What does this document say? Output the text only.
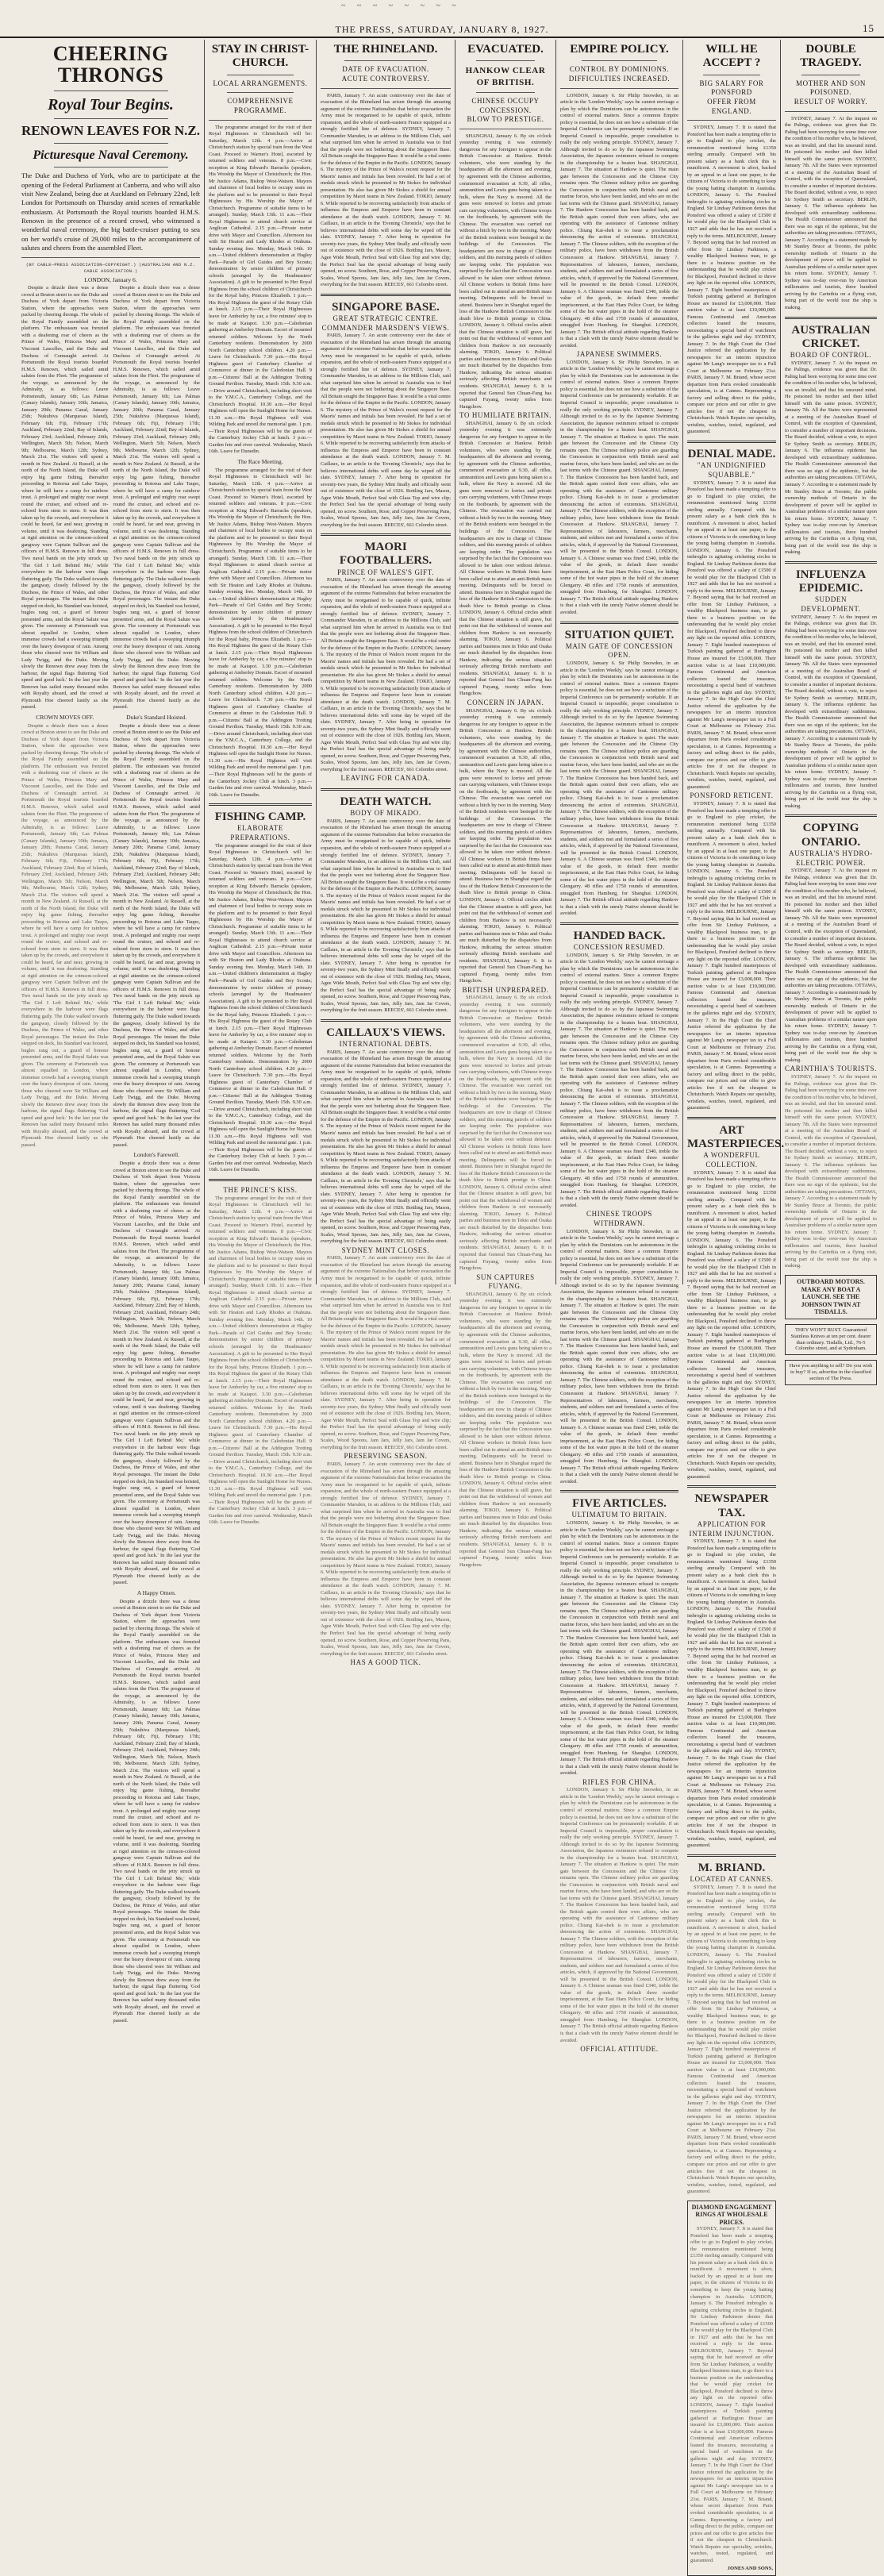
~ ~ ~ ~ ~ ~ ~ ~
THE PRESS, SATURDAY, JANUARY 8, 1927.	15
CHEERING THRONGS
Royal Tour Begins.
RENOWN LEAVES FOR N.Z.
Picturesque Naval Ceremony.
The Duke and Duchess of York, who are to participate at the opening of the Federal Parliament at Canberra, and who will also visit New Zealand, being due at Auckland on February 22nd, left London for Portsmouth on Thursday amid scenes of remarkable enthusiasm. At Portsmouth the Royal tourists boarded H.M.S. Renown in the presence of a record crowd, who witnessed a wonderful naval ceremony, the big battle-cruiser putting to sea on her world's cruise of 29,000 miles to the accompaniment of salutes and cheers from the assembled Fleet.
(BY CABLE—PRESS ASSOCIATION—COPYRIGHT.) (AUSTRALIAN AND N.Z. CABLE ASSOCIATION.)
LONDON, January 6.

Despite a drizzle there was a dense crowd at Bruton street to see the Duke and Duchess of York depart from Victoria Station, where the approaches were packed by cheering throngs. The whole of the Royal Family assembled on the platform. The enthusiasm was frenzied with a deafening roar of cheers as the Prince of Wales, Princess Mary and Viscount Lascelles, and the Duke and Duchess of Connaught arrived. At Portsmouth the Royal tourists boarded H.M.S. Renown, which sailed amid salutes from the Fleet. The programme of the voyage, as announced by the Admiralty, is as follows: Leave Portsmouth, January 6th; Las Palmas (Canary Islands), January 10th; Jamaica, January 20th; Panama Canal, January 25th; Nukuhiva (Marquesas Island), February 6th; Fiji, February 17th; Auckland, February 22nd; Bay of Islands, February 23rd; Auckland, February 24th; Wellington, March 5th; Nelson, March 9th; Melbourne, March 12th; Sydney, March 21st. The visitors will spend a month in New Zealand. At Russell, at the north of the North Island, the Duke will enjoy big game fishing, thereafter proceeding to Rotorua and Lake Taupo, where he will have a camp for rainbow trout. A prolonged and mighty roar swept round the cruiser, and echoed and re-echoed from stem to stern. It was then taken up by the crowds, and everywhere it could be heard, far and near, growing in volume, until it was deafening. Standing at rigid attention on the crimson-colored gangway were Captain Sullivan and the officers of H.M.S. Renown in full dress. Two naval bands on the jetty struck up 'The Girl I Left Behind Me,' while everywhere in the harbour were flags fluttering gaily. The Duke walked towards the gangway, closely followed by the Duchess, the Prince of Wales, and other Royal personages. The instant the Duke stepped on deck, his Standard was hoisted, bugles rang out, a guard of honour presented arms, and the Royal Salute was given. The ceremony at Portsmouth was almost equalled in London, where immense crowds had a sweeping triumph over the heavy downpour of rain. Among those who cheered were Sir William and Lady Twigg, and the Duke. Moving slowly the Renown drew away from the harbour, the signal flags fluttering 'God speed and good luck.' In the last year the Renown has sailed many thousand miles with Royalty aboard, and the crowd at Plymouth Hoe cheered lustily as she passed.

CROWN MOVES OFF.

Despite a drizzle there was a dense crowd at Bruton street to see the Duke and Duchess of York depart from Victoria Station, where the approaches were packed by cheering throngs. The whole of the Royal Family assembled on the platform. The enthusiasm was frenzied with a deafening roar of cheers as the Prince of Wales, Princess Mary and Viscount Lascelles, and the Duke and Duchess of Connaught arrived. At Portsmouth the Royal tourists boarded H.M.S. Renown, which sailed amid salutes from the Fleet. The programme of the voyage, as announced by the Admiralty, is as follows: Leave Portsmouth, January 6th; Las Palmas (Canary Islands), January 10th; Jamaica, January 20th; Panama Canal, January 25th; Nukuhiva (Marquesas Island), February 6th; Fiji, February 17th; Auckland, February 22nd; Bay of Islands, February 23rd; Auckland, February 24th; Wellington, March 5th; Nelson, March 9th; Melbourne, March 12th; Sydney, March 21st. The visitors will spend a month in New Zealand. At Russell, at the north of the North Island, the Duke will enjoy big game fishing, thereafter proceeding to Rotorua and Lake Taupo, where he will have a camp for rainbow trout. A prolonged and mighty roar swept round the cruiser, and echoed and re-echoed from stem to stern. It was then taken up by the crowds, and everywhere it could be heard, far and near, growing in volume, until it was deafening. Standing at rigid attention on the crimson-colored gangway were Captain Sullivan and the officers of H.M.S. Renown in full dress. Two naval bands on the jetty struck up 'The Girl I Left Behind Me,' while everywhere in the harbour were flags fluttering gaily. The Duke walked towards the gangway, closely followed by the Duchess, the Prince of Wales, and other Royal personages. The instant the Duke stepped on deck, his Standard was hoisted, bugles rang out, a guard of honour presented arms, and the Royal Salute was given. The ceremony at Portsmouth was almost equalled in London, where immense crowds had a sweeping triumph over the heavy downpour of rain. Among those who cheered were Sir William and Lady Twigg, and the Duke. Moving slowly the Renown drew away from the harbour, the signal flags fluttering 'God speed and good luck.' In the last year the Renown has sailed many thousand miles with Royalty aboard, and the crowd at Plymouth Hoe cheered lustily as she passed.

Despite a drizzle there was a dense crowd at Bruton street to see the Duke and Duchess of York depart from Victoria Station, where the approaches were packed by cheering throngs. The whole of the Royal Family assembled on the platform. The enthusiasm was frenzied with a deafening roar of cheers as the Prince of Wales, Princess Mary and Viscount Lascelles, and the Duke and Duchess of Connaught arrived. At Portsmouth the Royal tourists boarded H.M.S. Renown, which sailed amid salutes from the Fleet. The programme of the voyage, as announced by the Admiralty, is as follows: Leave Portsmouth, January 6th; Las Palmas (Canary Islands), January 10th; Jamaica, January 20th; Panama Canal, January 25th; Nukuhiva (Marquesas Island), February 6th; Fiji, February 17th; Auckland, February 22nd; Bay of Islands, February 23rd; Auckland, February 24th; Wellington, March 5th; Nelson, March 9th; Melbourne, March 12th; Sydney, March 21st. The visitors will spend a month in New Zealand. At Russell, at the north of the North Island, the Duke will enjoy big game fishing, thereafter proceeding to Rotorua and Lake Taupo, where he will have a camp for rainbow trout. A prolonged and mighty roar swept round the cruiser, and echoed and re-echoed from stem to stern. It was then taken up by the crowds, and everywhere it could be heard, far and near, growing in volume, until it was deafening. Standing at rigid attention on the crimson-colored gangway were Captain Sullivan and the officers of H.M.S. Renown in full dress. Two naval bands on the jetty struck up 'The Girl I Left Behind Me,' while everywhere in the harbour were flags fluttering gaily. The Duke walked towards the gangway, closely followed by the Duchess, the Prince of Wales, and other Royal personages. The instant the Duke stepped on deck, his Standard was hoisted, bugles rang out, a guard of honour presented arms, and the Royal Salute was given. The ceremony at Portsmouth was almost equalled in London, where immense crowds had a sweeping triumph over the heavy downpour of rain. Among those who cheered were Sir William and Lady Twigg, and the Duke. Moving slowly the Renown drew away from the harbour, the signal flags fluttering 'God speed and good luck.' In the last year the Renown has sailed many thousand miles with Royalty aboard, and the crowd at Plymouth Hoe cheered lustily as she passed.

Duke's Standard Hoisted.

Despite a drizzle there was a dense crowd at Bruton street to see the Duke and Duchess of York depart from Victoria Station, where the approaches were packed by cheering throngs. The whole of the Royal Family assembled on the platform. The enthusiasm was frenzied with a deafening roar of cheers as the Prince of Wales, Princess Mary and Viscount Lascelles, and the Duke and Duchess of Connaught arrived. At Portsmouth the Royal tourists boarded H.M.S. Renown, which sailed amid salutes from the Fleet. The programme of the voyage, as announced by the Admiralty, is as follows: Leave Portsmouth, January 6th; Las Palmas (Canary Islands), January 10th; Jamaica, January 20th; Panama Canal, January 25th; Nukuhiva (Marquesas Island), February 6th; Fiji, February 17th; Auckland, February 22nd; Bay of Islands, February 23rd; Auckland, February 24th; Wellington, March 5th; Nelson, March 9th; Melbourne, March 12th; Sydney, March 21st. The visitors will spend a month in New Zealand. At Russell, at the north of the North Island, the Duke will enjoy big game fishing, thereafter proceeding to Rotorua and Lake Taupo, where he will have a camp for rainbow trout. A prolonged and mighty roar swept round the cruiser, and echoed and re-echoed from stem to stern. It was then taken up by the crowds, and everywhere it could be heard, far and near, growing in volume, until it was deafening. Standing at rigid attention on the crimson-colored gangway were Captain Sullivan and the officers of H.M.S. Renown in full dress. Two naval bands on the jetty struck up 'The Girl I Left Behind Me,' while everywhere in the harbour were flags fluttering gaily. The Duke walked towards the gangway, closely followed by the Duchess, the Prince of Wales, and other Royal personages. The instant the Duke stepped on deck, his Standard was hoisted, bugles rang out, a guard of honour presented arms, and the Royal Salute was given. The ceremony at Portsmouth was almost equalled in London, where immense crowds had a sweeping triumph over the heavy downpour of rain. Among those who cheered were Sir William and Lady Twigg, and the Duke. Moving slowly the Renown drew away from the harbour, the signal flags fluttering 'God speed and good luck.' In the last year the Renown has sailed many thousand miles with Royalty aboard, and the crowd at Plymouth Hoe cheered lustily as she passed.

London's Farewell.

Despite a drizzle there was a dense crowd at Bruton street to see the Duke and Duchess of York depart from Victoria Station, where the approaches were packed by cheering throngs. The whole of the Royal Family assembled on the platform. The enthusiasm was frenzied with a deafening roar of cheers as the Prince of Wales, Princess Mary and Viscount Lascelles, and the Duke and Duchess of Connaught arrived. At Portsmouth the Royal tourists boarded H.M.S. Renown, which sailed amid salutes from the Fleet. The programme of the voyage, as announced by the Admiralty, is as follows: Leave Portsmouth, January 6th; Las Palmas (Canary Islands), January 10th; Jamaica, January 20th; Panama Canal, January 25th; Nukuhiva (Marquesas Island), February 6th; Fiji, February 17th; Auckland, February 22nd; Bay of Islands, February 23rd; Auckland, February 24th; Wellington, March 5th; Nelson, March 9th; Melbourne, March 12th; Sydney, March 21st. The visitors will spend a month in New Zealand. At Russell, at the north of the North Island, the Duke will enjoy big game fishing, thereafter proceeding to Rotorua and Lake Taupo, where he will have a camp for rainbow trout. A prolonged and mighty roar swept round the cruiser, and echoed and re-echoed from stem to stern. It was then taken up by the crowds, and everywhere it could be heard, far and near, growing in volume, until it was deafening. Standing at rigid attention on the crimson-colored gangway were Captain Sullivan and the officers of H.M.S. Renown in full dress. Two naval bands on the jetty struck up 'The Girl I Left Behind Me,' while everywhere in the harbour were flags fluttering gaily. The Duke walked towards the gangway, closely followed by the Duchess, the Prince of Wales, and other Royal personages. The instant the Duke stepped on deck, his Standard was hoisted, bugles rang out, a guard of honour presented arms, and the Royal Salute was given. The ceremony at Portsmouth was almost equalled in London, where immense crowds had a sweeping triumph over the heavy downpour of rain. Among those who cheered were Sir William and Lady Twigg, and the Duke. Moving slowly the Renown drew away from the harbour, the signal flags fluttering 'God speed and good luck.' In the last year the Renown has sailed many thousand miles with Royalty aboard, and the crowd at Plymouth Hoe cheered lustily as she passed.

A Happy Omen.

Despite a drizzle there was a dense crowd at Bruton street to see the Duke and Duchess of York depart from Victoria Station, where the approaches were packed by cheering throngs. The whole of the Royal Family assembled on the platform. The enthusiasm was frenzied with a deafening roar of cheers as the Prince of Wales, Princess Mary and Viscount Lascelles, and the Duke and Duchess of Connaught arrived. At Portsmouth the Royal tourists boarded H.M.S. Renown, which sailed amid salutes from the Fleet. The programme of the voyage, as announced by the Admiralty, is as follows: Leave Portsmouth, January 6th; Las Palmas (Canary Islands), January 10th; Jamaica, January 20th; Panama Canal, January 25th; Nukuhiva (Marquesas Island), February 6th; Fiji, February 17th; Auckland, February 22nd; Bay of Islands, February 23rd; Auckland, February 24th; Wellington, March 5th; Nelson, March 9th; Melbourne, March 12th; Sydney, March 21st. The visitors will spend a month in New Zealand. At Russell, at the north of the North Island, the Duke will enjoy big game fishing, thereafter proceeding to Rotorua and Lake Taupo, where he will have a camp for rainbow trout. A prolonged and mighty roar swept round the cruiser, and echoed and re-echoed from stem to stern. It was then taken up by the crowds, and everywhere it could be heard, far and near, growing in volume, until it was deafening. Standing at rigid attention on the crimson-colored gangway were Captain Sullivan and the officers of H.M.S. Renown in full dress. Two naval bands on the jetty struck up 'The Girl I Left Behind Me,' while everywhere in the harbour were flags fluttering gaily. The Duke walked towards the gangway, closely followed by the Duchess, the Prince of Wales, and other Royal personages. The instant the Duke stepped on deck, his Standard was hoisted, bugles rang out, a guard of honour presented arms, and the Royal Salute was given. The ceremony at Portsmouth was almost equalled in London, where immense crowds had a sweeping triumph over the heavy downpour of rain. Among those who cheered were Sir William and Lady Twigg, and the Duke. Moving slowly the Renown drew away from the harbour, the signal flags fluttering 'God speed and good luck.' In the last year the Renown has sailed many thousand miles with Royalty aboard, and the crowd at Plymouth Hoe cheered lustily as she passed.

STAY IN CHRIST-CHURCH.
LOCAL ARRANGEMENTS.
COMPREHENSIVE PROGRAMME.

The programme arranged for the visit of their Royal Highnesses to Christchurch will be: Saturday, March 12th. 4 p.m.—Arrive at Christchurch station by special train from the West Coast. Proceed to Warner's Hotel, escorted by returned soldiers and veterans. 8 p.m.—Civic reception at King Edward's Barracks (speakers, His Worship the Mayor of Christchurch; the Hon. Mr Justice Adams, Bishop West-Watson. Mayors and chairmen of local bodies to occupy seats on the platform and to be presented to their Royal Highnesses by His Worship the Mayor of Christchurch. Programme of suitable items to be arranged). Sunday, March 13th. 11 a.m.—Their Royal Highnesses to attend church service at Anglican Cathedral. 2.15 p.m.—Private motor drive with Mayor and Councillors. Afternoon tea with Sir Heaton and Lady Rhodes at Otahuna. Sunday evening free. Monday, March 14th. 10 a.m.—United children's demonstration at Hagley Park—Parade of Girl Guides and Boy Scouts; demonstration by senior children of primary schools (arranged by the Headmasters' Association). A gift to be presented to Her Royal Highness from the school children of Christchurch for the Royal baby, Princess Elizabeth. 1 p.m.—His Royal Highness the guest of the Rotary Club at lunch. 2.15 p.m.—Their Royal Highnesses leave for Amberley by car, a five minutes' stop to be made at Kaiapoi. 3.30 p.m.—Caledonian gathering at Amberley Domain. Escort of mounted returned soldiers. Welcome by the North Canterbury residents. Demonstration by 2000 North Canterbury school children. 4.20 p.m.—Leave for Christchurch. 7.30 p.m.—His Royal Highness guest of Canterbury Chamber of Commerce at dinner in the Caledonian Hall. 9 p.m.—Citizens' Ball at the Addington Trotting Ground Pavilion. Tuesday, March 15th. 9.30 a.m.—Drive around Christchurch, including short visit to the Y.M.C.A., Canterbury College, and the Christchurch Hospital. 10.30 a.m.—Her Royal Highness will open the Sunlight Home for Nurses. 11.30 a.m.—His Royal Highness will visit Wilding Park and unveil the memorial gate. 1 p.m.—Their Royal Highnesses will be the guests of the Canterbury Jockey Club at lunch. 3 p.m.—Garden fete and river carnival. Wednesday, March 16th. Leave for Dunedin.

The Race Meeting.

The programme arranged for the visit of their Royal Highnesses to Christchurch will be: Saturday, March 12th. 4 p.m.—Arrive at Christchurch station by special train from the West Coast. Proceed to Warner's Hotel, escorted by returned soldiers and veterans. 8 p.m.—Civic reception at King Edward's Barracks (speakers, His Worship the Mayor of Christchurch; the Hon. Mr Justice Adams, Bishop West-Watson. Mayors and chairmen of local bodies to occupy seats on the platform and to be presented to their Royal Highnesses by His Worship the Mayor of Christchurch. Programme of suitable items to be arranged). Sunday, March 13th. 11 a.m.—Their Royal Highnesses to attend church service at Anglican Cathedral. 2.15 p.m.—Private motor drive with Mayor and Councillors. Afternoon tea with Sir Heaton and Lady Rhodes at Otahuna. Sunday evening free. Monday, March 14th. 10 a.m.—United children's demonstration at Hagley Park—Parade of Girl Guides and Boy Scouts; demonstration by senior children of primary schools (arranged by the Headmasters' Association). A gift to be presented to Her Royal Highness from the school children of Christchurch for the Royal baby, Princess Elizabeth. 1 p.m.—His Royal Highness the guest of the Rotary Club at lunch. 2.15 p.m.—Their Royal Highnesses leave for Amberley by car, a five minutes' stop to be made at Kaiapoi. 3.30 p.m.—Caledonian gathering at Amberley Domain. Escort of mounted returned soldiers. Welcome by the North Canterbury residents. Demonstration by 2000 North Canterbury school children. 4.20 p.m.—Leave for Christchurch. 7.30 p.m.—His Royal Highness guest of Canterbury Chamber of Commerce at dinner in the Caledonian Hall. 9 p.m.—Citizens' Ball at the Addington Trotting Ground Pavilion. Tuesday, March 15th. 9.30 a.m.—Drive around Christchurch, including short visit to the Y.M.C.A., Canterbury College, and the Christchurch Hospital. 10.30 a.m.—Her Royal Highness will open the Sunlight Home for Nurses. 11.30 a.m.—His Royal Highness will visit Wilding Park and unveil the memorial gate. 1 p.m.—Their Royal Highnesses will be the guests of the Canterbury Jockey Club at lunch. 3 p.m.—Garden fete and river carnival. Wednesday, March 16th. Leave for Dunedin.

FISHING CAMP.
ELABORATE PREPARATIONS.

The programme arranged for the visit of their Royal Highnesses to Christchurch will be: Saturday, March 12th. 4 p.m.—Arrive at Christchurch station by special train from the West Coast. Proceed to Warner's Hotel, escorted by returned soldiers and veterans. 8 p.m.—Civic reception at King Edward's Barracks (speakers, His Worship the Mayor of Christchurch; the Hon. Mr Justice Adams, Bishop West-Watson. Mayors and chairmen of local bodies to occupy seats on the platform and to be presented to their Royal Highnesses by His Worship the Mayor of Christchurch. Programme of suitable items to be arranged). Sunday, March 13th. 11 a.m.—Their Royal Highnesses to attend church service at Anglican Cathedral. 2.15 p.m.—Private motor drive with Mayor and Councillors. Afternoon tea with Sir Heaton and Lady Rhodes at Otahuna. Sunday evening free. Monday, March 14th. 10 a.m.—United children's demonstration at Hagley Park—Parade of Girl Guides and Boy Scouts; demonstration by senior children of primary schools (arranged by the Headmasters' Association). A gift to be presented to Her Royal Highness from the school children of Christchurch for the Royal baby, Princess Elizabeth. 1 p.m.—His Royal Highness the guest of the Rotary Club at lunch. 2.15 p.m.—Their Royal Highnesses leave for Amberley by car, a five minutes' stop to be made at Kaiapoi. 3.30 p.m.—Caledonian gathering at Amberley Domain. Escort of mounted returned soldiers. Welcome by the North Canterbury residents. Demonstration by 2000 North Canterbury school children. 4.20 p.m.—Leave for Christchurch. 7.30 p.m.—His Royal Highness guest of Canterbury Chamber of Commerce at dinner in the Caledonian Hall. 9 p.m.—Citizens' Ball at the Addington Trotting Ground Pavilion. Tuesday, March 15th. 9.30 a.m.—Drive around Christchurch, including short visit to the Y.M.C.A., Canterbury College, and the Christchurch Hospital. 10.30 a.m.—Her Royal Highness will open the Sunlight Home for Nurses. 11.30 a.m.—His Royal Highness will visit Wilding Park and unveil the memorial gate. 1 p.m.—Their Royal Highnesses will be the guests of the Canterbury Jockey Club at lunch. 3 p.m.—Garden fete and river carnival. Wednesday, March 16th. Leave for Dunedin.

THE PRINCE'S KISS.

The programme arranged for the visit of their Royal Highnesses to Christchurch will be: Saturday, March 12th. 4 p.m.—Arrive at Christchurch station by special train from the West Coast. Proceed to Warner's Hotel, escorted by returned soldiers and veterans. 8 p.m.—Civic reception at King Edward's Barracks (speakers, His Worship the Mayor of Christchurch; the Hon. Mr Justice Adams, Bishop West-Watson. Mayors and chairmen of local bodies to occupy seats on the platform and to be presented to their Royal Highnesses by His Worship the Mayor of Christchurch. Programme of suitable items to be arranged). Sunday, March 13th. 11 a.m.—Their Royal Highnesses to attend church service at Anglican Cathedral. 2.15 p.m.—Private motor drive with Mayor and Councillors. Afternoon tea with Sir Heaton and Lady Rhodes at Otahuna. Sunday evening free. Monday, March 14th. 10 a.m.—United children's demonstration at Hagley Park—Parade of Girl Guides and Boy Scouts; demonstration by senior children of primary schools (arranged by the Headmasters' Association). A gift to be presented to Her Royal Highness from the school children of Christchurch for the Royal baby, Princess Elizabeth. 1 p.m.—His Royal Highness the guest of the Rotary Club at lunch. 2.15 p.m.—Their Royal Highnesses leave for Amberley by car, a five minutes' stop to be made at Kaiapoi. 3.30 p.m.—Caledonian gathering at Amberley Domain. Escort of mounted returned soldiers. Welcome by the North Canterbury residents. Demonstration by 2000 North Canterbury school children. 4.20 p.m.—Leave for Christchurch. 7.30 p.m.—His Royal Highness guest of Canterbury Chamber of Commerce at dinner in the Caledonian Hall. 9 p.m.—Citizens' Ball at the Addington Trotting Ground Pavilion. Tuesday, March 15th. 9.30 a.m.—Drive around Christchurch, including short visit to the Y.M.C.A., Canterbury College, and the Christchurch Hospital. 10.30 a.m.—Her Royal Highness will open the Sunlight Home for Nurses. 11.30 a.m.—His Royal Highness will visit Wilding Park and unveil the memorial gate. 1 p.m.—Their Royal Highnesses will be the guests of the Canterbury Jockey Club at lunch. 3 p.m.—Garden fete and river carnival. Wednesday, March 16th. Leave for Dunedin.

THE RHINELAND.
DATE OF EVACUATION.
ACUTE CONTROVERSY.

PARIS, January 7. An acute controversy over the date of evacuation of the Rhineland has arisen through the amazing argument of the extreme Nationalists that before evacuation the Army must be reorganised to be capable of quick, infinite expansion, and the whole of north-eastern France equipped at a strongly fortified line of defence. SYDNEY, January 7. Commander Marsden, in an address to the Millions Club, said what surprised him when he arrived in Australia was to find that the people were not bothering about the Singapore Base. All Britain sought the Singapore Base. It would be a vital centre for the defence of the Empire in the Pacific. LONDON, January 6. The mystery of the Prince of Wales's recent request for the Maoris' names and initials has been revealed. He had a set of medals struck which he presented to Mr Stokes for individual presentation. He also has given Mr Stokes a shield for annual competition by Maori teams in New Zealand. TOKIO, January 6. While reported to be recovering satisfactorily from attacks of influenza the Empress and Emperor have been in constant attendance at the death watch. LONDON, January 7. M. Caillaux, in an article in the 'Evening Chronicle,' says that he believes international debts will some day be wiped off the slate. SYDNEY, January 7. After being in operation for seventy-two years, the Sydney Mint finally and officially went out of existence with the close of 1926. Bottling Jars, Mason, Agee Wide Mouth, Perfect Seal with Glass Top and wire clip; the Perfect Seal has the special advantage of being easily opened, no screw. Southern, Rose, and Copper Preserving Pans, Scales, Wood Spoons, Jam Jars, Jelly Jars, Jam Jar Covers, everything for the fruit season. REECES', 661 Colombo street.

SINGAPORE BASE.
GREAT STRATEGIC CENTRE.
COMMANDER MARSDEN'S VIEWS.

PARIS, January 7. An acute controversy over the date of evacuation of the Rhineland has arisen through the amazing argument of the extreme Nationalists that before evacuation the Army must be reorganised to be capable of quick, infinite expansion, and the whole of north-eastern France equipped at a strongly fortified line of defence. SYDNEY, January 7. Commander Marsden, in an address to the Millions Club, said what surprised him when he arrived in Australia was to find that the people were not bothering about the Singapore Base. All Britain sought the Singapore Base. It would be a vital centre for the defence of the Empire in the Pacific. LONDON, January 6. The mystery of the Prince of Wales's recent request for the Maoris' names and initials has been revealed. He had a set of medals struck which he presented to Mr Stokes for individual presentation. He also has given Mr Stokes a shield for annual competition by Maori teams in New Zealand. TOKIO, January 6. While reported to be recovering satisfactorily from attacks of influenza the Empress and Emperor have been in constant attendance at the death watch. LONDON, January 7. M. Caillaux, in an article in the 'Evening Chronicle,' says that he believes international debts will some day be wiped off the slate. SYDNEY, January 7. After being in operation for seventy-two years, the Sydney Mint finally and officially went out of existence with the close of 1926. Bottling Jars, Mason, Agee Wide Mouth, Perfect Seal with Glass Top and wire clip; the Perfect Seal has the special advantage of being easily opened, no screw. Southern, Rose, and Copper Preserving Pans, Scales, Wood Spoons, Jam Jars, Jelly Jars, Jam Jar Covers, everything for the fruit season. REECES', 661 Colombo street.

MAORI FOOTBALLERS.
PRINCE OF WALES'S GIFT.

PARIS, January 7. An acute controversy over the date of evacuation of the Rhineland has arisen through the amazing argument of the extreme Nationalists that before evacuation the Army must be reorganised to be capable of quick, infinite expansion, and the whole of north-eastern France equipped at a strongly fortified line of defence. SYDNEY, January 7. Commander Marsden, in an address to the Millions Club, said what surprised him when he arrived in Australia was to find that the people were not bothering about the Singapore Base. All Britain sought the Singapore Base. It would be a vital centre for the defence of the Empire in the Pacific. LONDON, January 6. The mystery of the Prince of Wales's recent request for the Maoris' names and initials has been revealed. He had a set of medals struck which he presented to Mr Stokes for individual presentation. He also has given Mr Stokes a shield for annual competition by Maori teams in New Zealand. TOKIO, January 6. While reported to be recovering satisfactorily from attacks of influenza the Empress and Emperor have been in constant attendance at the death watch. LONDON, January 7. M. Caillaux, in an article in the 'Evening Chronicle,' says that he believes international debts will some day be wiped off the slate. SYDNEY, January 7. After being in operation for seventy-two years, the Sydney Mint finally and officially went out of existence with the close of 1926. Bottling Jars, Mason, Agee Wide Mouth, Perfect Seal with Glass Top and wire clip; the Perfect Seal has the special advantage of being easily opened, no screw. Southern, Rose, and Copper Preserving Pans, Scales, Wood Spoons, Jam Jars, Jelly Jars, Jam Jar Covers, everything for the fruit season. REECES', 661 Colombo street.

LEAVING FOR CANADA.
DEATH WATCH.
BODY OF MIKADO.

PARIS, January 7. An acute controversy over the date of evacuation of the Rhineland has arisen through the amazing argument of the extreme Nationalists that before evacuation the Army must be reorganised to be capable of quick, infinite expansion, and the whole of north-eastern France equipped at a strongly fortified line of defence. SYDNEY, January 7. Commander Marsden, in an address to the Millions Club, said what surprised him when he arrived in Australia was to find that the people were not bothering about the Singapore Base. All Britain sought the Singapore Base. It would be a vital centre for the defence of the Empire in the Pacific. LONDON, January 6. The mystery of the Prince of Wales's recent request for the Maoris' names and initials has been revealed. He had a set of medals struck which he presented to Mr Stokes for individual presentation. He also has given Mr Stokes a shield for annual competition by Maori teams in New Zealand. TOKIO, January 6. While reported to be recovering satisfactorily from attacks of influenza the Empress and Emperor have been in constant attendance at the death watch. LONDON, January 7. M. Caillaux, in an article in the 'Evening Chronicle,' says that he believes international debts will some day be wiped off the slate. SYDNEY, January 7. After being in operation for seventy-two years, the Sydney Mint finally and officially went out of existence with the close of 1926. Bottling Jars, Mason, Agee Wide Mouth, Perfect Seal with Glass Top and wire clip; the Perfect Seal has the special advantage of being easily opened, no screw. Southern, Rose, and Copper Preserving Pans, Scales, Wood Spoons, Jam Jars, Jelly Jars, Jam Jar Covers, everything for the fruit season. REECES', 661 Colombo street.

CAILLAUX'S VIEWS.
INTERNATIONAL DEBTS.

PARIS, January 7. An acute controversy over the date of evacuation of the Rhineland has arisen through the amazing argument of the extreme Nationalists that before evacuation the Army must be reorganised to be capable of quick, infinite expansion, and the whole of north-eastern France equipped at a strongly fortified line of defence. SYDNEY, January 7. Commander Marsden, in an address to the Millions Club, said what surprised him when he arrived in Australia was to find that the people were not bothering about the Singapore Base. All Britain sought the Singapore Base. It would be a vital centre for the defence of the Empire in the Pacific. LONDON, January 6. The mystery of the Prince of Wales's recent request for the Maoris' names and initials has been revealed. He had a set of medals struck which he presented to Mr Stokes for individual presentation. He also has given Mr Stokes a shield for annual competition by Maori teams in New Zealand. TOKIO, January 6. While reported to be recovering satisfactorily from attacks of influenza the Empress and Emperor have been in constant attendance at the death watch. LONDON, January 7. M. Caillaux, in an article in the 'Evening Chronicle,' says that he believes international debts will some day be wiped off the slate. SYDNEY, January 7. After being in operation for seventy-two years, the Sydney Mint finally and officially went out of existence with the close of 1926. Bottling Jars, Mason, Agee Wide Mouth, Perfect Seal with Glass Top and wire clip; the Perfect Seal has the special advantage of being easily opened, no screw. Southern, Rose, and Copper Preserving Pans, Scales, Wood Spoons, Jam Jars, Jelly Jars, Jam Jar Covers, everything for the fruit season. REECES', 661 Colombo street.

SYDNEY MINT CLOSES.

PARIS, January 7. An acute controversy over the date of evacuation of the Rhineland has arisen through the amazing argument of the extreme Nationalists that before evacuation the Army must be reorganised to be capable of quick, infinite expansion, and the whole of north-eastern France equipped at a strongly fortified line of defence. SYDNEY, January 7. Commander Marsden, in an address to the Millions Club, said what surprised him when he arrived in Australia was to find that the people were not bothering about the Singapore Base. All Britain sought the Singapore Base. It would be a vital centre for the defence of the Empire in the Pacific. LONDON, January 6. The mystery of the Prince of Wales's recent request for the Maoris' names and initials has been revealed. He had a set of medals struck which he presented to Mr Stokes for individual presentation. He also has given Mr Stokes a shield for annual competition by Maori teams in New Zealand. TOKIO, January 6. While reported to be recovering satisfactorily from attacks of influenza the Empress and Emperor have been in constant attendance at the death watch. LONDON, January 7. M. Caillaux, in an article in the 'Evening Chronicle,' says that he believes international debts will some day be wiped off the slate. SYDNEY, January 7. After being in operation for seventy-two years, the Sydney Mint finally and officially went out of existence with the close of 1926. Bottling Jars, Mason, Agee Wide Mouth, Perfect Seal with Glass Top and wire clip; the Perfect Seal has the special advantage of being easily opened, no screw. Southern, Rose, and Copper Preserving Pans, Scales, Wood Spoons, Jam Jars, Jelly Jars, Jam Jar Covers, everything for the fruit season. REECES', 661 Colombo street.

PRESERVING SEASON.

PARIS, January 7. An acute controversy over the date of evacuation of the Rhineland has arisen through the amazing argument of the extreme Nationalists that before evacuation the Army must be reorganised to be capable of quick, infinite expansion, and the whole of north-eastern France equipped at a strongly fortified line of defence. SYDNEY, January 7. Commander Marsden, in an address to the Millions Club, said what surprised him when he arrived in Australia was to find that the people were not bothering about the Singapore Base. All Britain sought the Singapore Base. It would be a vital centre for the defence of the Empire in the Pacific. LONDON, January 6. The mystery of the Prince of Wales's recent request for the Maoris' names and initials has been revealed. He had a set of medals struck which he presented to Mr Stokes for individual presentation. He also has given Mr Stokes a shield for annual competition by Maori teams in New Zealand. TOKIO, January 6. While reported to be recovering satisfactorily from attacks of influenza the Empress and Emperor have been in constant attendance at the death watch. LONDON, January 7. M. Caillaux, in an article in the 'Evening Chronicle,' says that he believes international debts will some day be wiped off the slate. SYDNEY, January 7. After being in operation for seventy-two years, the Sydney Mint finally and officially went out of existence with the close of 1926. Bottling Jars, Mason, Agee Wide Mouth, Perfect Seal with Glass Top and wire clip; the Perfect Seal has the special advantage of being easily opened, no screw. Southern, Rose, and Copper Preserving Pans, Scales, Wood Spoons, Jam Jars, Jelly Jars, Jam Jar Covers, everything for the fruit season. REECES', 661 Colombo street.

HAS A GOOD TICK.
EVACUATED.
HANKOW CLEAR OF BRITISH.
CHINESE OCCUPY CONCESSION.
BLOW TO PRESTIGE.

SHANGHAI, January 6. By six o'clock yesterday evening it was extremely dangerous for any foreigner to appear in the British Concession at Hankow. British volunteers, who were standing by the headquarters all the afternoon and evening, by agreement with the Chinese authorities, commenced evacuation at 9.30, all rifles, ammunition and Lewis guns being taken to a hulk, where the Navy is moored. All the guns were removed to lorries and private cars carrying volunteers, with Chinese troops on the footboards, by agreement with the Chinese. The evacuation was carried out without a hitch by two in the morning. Many of the British residents were besieged in the buildings of the Concession. The headquarters are now in charge of Chinese soldiers, and this morning patrols of soldiers are keeping order. The population was surprised by the fact that the Concession was allowed to be taken over without defence. All Chinese workers in British firms have been called out to attend an anti-British mass meeting. Delinquents will be forced to attend. Business here in Shanghai regard the loss of the Hankow British Concession to the death blow to British prestige in China. LONDON, January 6. Official circles admit that the Chinese situation is still grave, but point out that the withdrawal of women and children from Hankow is not necessarily alarming. TOKIO, January 6. Political parties and business men in Tokio and Osaka are much disturbed by the dispatches from Hankow, indicating the serious situation seriously affecting British merchants and residents. SHANGHAI, January 6. It is reported that General Sun Chuan-Fang has captured Fuyang, twenty miles from Hangchow.

TO HUMILIATE BRITAIN.

SHANGHAI, January 6. By six o'clock yesterday evening it was extremely dangerous for any foreigner to appear in the British Concession at Hankow. British volunteers, who were standing by the headquarters all the afternoon and evening, by agreement with the Chinese authorities, commenced evacuation at 9.30, all rifles, ammunition and Lewis guns being taken to a hulk, where the Navy is moored. All the guns were removed to lorries and private cars carrying volunteers, with Chinese troops on the footboards, by agreement with the Chinese. The evacuation was carried out without a hitch by two in the morning. Many of the British residents were besieged in the buildings of the Concession. The headquarters are now in charge of Chinese soldiers, and this morning patrols of soldiers are keeping order. The population was surprised by the fact that the Concession was allowed to be taken over without defence. All Chinese workers in British firms have been called out to attend an anti-British mass meeting. Delinquents will be forced to attend. Business here in Shanghai regard the loss of the Hankow British Concession to the death blow to British prestige in China. LONDON, January 6. Official circles admit that the Chinese situation is still grave, but point out that the withdrawal of women and children from Hankow is not necessarily alarming. TOKIO, January 6. Political parties and business men in Tokio and Osaka are much disturbed by the dispatches from Hankow, indicating the serious situation seriously affecting British merchants and residents. SHANGHAI, January 6. It is reported that General Sun Chuan-Fang has captured Fuyang, twenty miles from Hangchow.

CONCERN IN JAPAN.

SHANGHAI, January 6. By six o'clock yesterday evening it was extremely dangerous for any foreigner to appear in the British Concession at Hankow. British volunteers, who were standing by the headquarters all the afternoon and evening, by agreement with the Chinese authorities, commenced evacuation at 9.30, all rifles, ammunition and Lewis guns being taken to a hulk, where the Navy is moored. All the guns were removed to lorries and private cars carrying volunteers, with Chinese troops on the footboards, by agreement with the Chinese. The evacuation was carried out without a hitch by two in the morning. Many of the British residents were besieged in the buildings of the Concession. The headquarters are now in charge of Chinese soldiers, and this morning patrols of soldiers are keeping order. The population was surprised by the fact that the Concession was allowed to be taken over without defence. All Chinese workers in British firms have been called out to attend an anti-British mass meeting. Delinquents will be forced to attend. Business here in Shanghai regard the loss of the Hankow British Concession to the death blow to British prestige in China. LONDON, January 6. Official circles admit that the Chinese situation is still grave, but point out that the withdrawal of women and children from Hankow is not necessarily alarming. TOKIO, January 6. Political parties and business men in Tokio and Osaka are much disturbed by the dispatches from Hankow, indicating the serious situation seriously affecting British merchants and residents. SHANGHAI, January 6. It is reported that General Sun Chuan-Fang has captured Fuyang, twenty miles from Hangchow.

BRITISH UNPREPARED.

SHANGHAI, January 6. By six o'clock yesterday evening it was extremely dangerous for any foreigner to appear in the British Concession at Hankow. British volunteers, who were standing by the headquarters all the afternoon and evening, by agreement with the Chinese authorities, commenced evacuation at 9.30, all rifles, ammunition and Lewis guns being taken to a hulk, where the Navy is moored. All the guns were removed to lorries and private cars carrying volunteers, with Chinese troops on the footboards, by agreement with the Chinese. The evacuation was carried out without a hitch by two in the morning. Many of the British residents were besieged in the buildings of the Concession. The headquarters are now in charge of Chinese soldiers, and this morning patrols of soldiers are keeping order. The population was surprised by the fact that the Concession was allowed to be taken over without defence. All Chinese workers in British firms have been called out to attend an anti-British mass meeting. Delinquents will be forced to attend. Business here in Shanghai regard the loss of the Hankow British Concession to the death blow to British prestige in China. LONDON, January 6. Official circles admit that the Chinese situation is still grave, but point out that the withdrawal of women and children from Hankow is not necessarily alarming. TOKIO, January 6. Political parties and business men in Tokio and Osaka are much disturbed by the dispatches from Hankow, indicating the serious situation seriously affecting British merchants and residents. SHANGHAI, January 6. It is reported that General Sun Chuan-Fang has captured Fuyang, twenty miles from Hangchow.

SUN CAPTURES FUYANG.

SHANGHAI, January 6. By six o'clock yesterday evening it was extremely dangerous for any foreigner to appear in the British Concession at Hankow. British volunteers, who were standing by the headquarters all the afternoon and evening, by agreement with the Chinese authorities, commenced evacuation at 9.30, all rifles, ammunition and Lewis guns being taken to a hulk, where the Navy is moored. All the guns were removed to lorries and private cars carrying volunteers, with Chinese troops on the footboards, by agreement with the Chinese. The evacuation was carried out without a hitch by two in the morning. Many of the British residents were besieged in the buildings of the Concession. The headquarters are now in charge of Chinese soldiers, and this morning patrols of soldiers are keeping order. The population was surprised by the fact that the Concession was allowed to be taken over without defence. All Chinese workers in British firms have been called out to attend an anti-British mass meeting. Delinquents will be forced to attend. Business here in Shanghai regard the loss of the Hankow British Concession to the death blow to British prestige in China. LONDON, January 6. Official circles admit that the Chinese situation is still grave, but point out that the withdrawal of women and children from Hankow is not necessarily alarming. TOKIO, January 6. Political parties and business men in Tokio and Osaka are much disturbed by the dispatches from Hankow, indicating the serious situation seriously affecting British merchants and residents. SHANGHAI, January 6. It is reported that General Sun Chuan-Fang has captured Fuyang, twenty miles from Hangchow.

EMPIRE POLICY.
CONTROL BY DOMINIONS.
DIFFICULTIES INCREASED.

LONDON, January 6. Sir Philip Snowden, in an article in the 'London Weekly,' says he cannot envisage a plan by which the Dominions can be autonomous in the control of external matters. Since a common Empire policy is essential, he does not see how a substitute of the Imperial Conference can be permanently workable. If an Imperial Council is impossible, proper consultation is really the only working principle. SYDNEY, January 7. Although invited to do so by the Japanese Swimming Association, the Japanese swimmers refused to compete in the championship for a beaten boat. SHANGHAI, January 7. The situation at Hankow is quiet. The main gate between the Concession and the Chinese City remains open. The Chinese military police are guarding the Concession in conjunction with British naval and marine forces, who have been landed, and who are on the last terms with the Chinese guard. SHANGHAI, January 7. The Hankow Concession has been handed back, and the British again control their own affairs, who are operating with the assistance of Cantonese military police. Chiang Kai-shek is to issue a proclamation denouncing the action of extremists. SHANGHAI, January 7. The Chinese soldiers, with the exception of the military police, have been withdrawn from the British Concession at Hankow. SHANGHAI, January 7. Representatives of labourers, farmers, merchants, students, and soldiers met and formulated a series of five articles, which, if approved by the National Government, will be presented to the British Consul. LONDON, January 6. A Chinese seaman was fined £340, treble the value of the goods, in default three months' imprisonment, at the East Ham Police Court, for hiding some of the hot water pipes in the hold of the steamer Glengarry. 48 rifles and 1750 rounds of ammunition, smuggled from Hamburg, for Shanghai. LONDON, January 7. The British official attitude regarding Hankow is that a clash with the unruly Native element should be avoided.

JAPANESE SWIMMERS.

LONDON, January 6. Sir Philip Snowden, in an article in the 'London Weekly,' says he cannot envisage a plan by which the Dominions can be autonomous in the control of external matters. Since a common Empire policy is essential, he does not see how a substitute of the Imperial Conference can be permanently workable. If an Imperial Council is impossible, proper consultation is really the only working principle. SYDNEY, January 7. Although invited to do so by the Japanese Swimming Association, the Japanese swimmers refused to compete in the championship for a beaten boat. SHANGHAI, January 7. The situation at Hankow is quiet. The main gate between the Concession and the Chinese City remains open. The Chinese military police are guarding the Concession in conjunction with British naval and marine forces, who have been landed, and who are on the last terms with the Chinese guard. SHANGHAI, January 7. The Hankow Concession has been handed back, and the British again control their own affairs, who are operating with the assistance of Cantonese military police. Chiang Kai-shek is to issue a proclamation denouncing the action of extremists. SHANGHAI, January 7. The Chinese soldiers, with the exception of the military police, have been withdrawn from the British Concession at Hankow. SHANGHAI, January 7. Representatives of labourers, farmers, merchants, students, and soldiers met and formulated a series of five articles, which, if approved by the National Government, will be presented to the British Consul. LONDON, January 6. A Chinese seaman was fined £340, treble the value of the goods, in default three months' imprisonment, at the East Ham Police Court, for hiding some of the hot water pipes in the hold of the steamer Glengarry. 48 rifles and 1750 rounds of ammunition, smuggled from Hamburg, for Shanghai. LONDON, January 7. The British official attitude regarding Hankow is that a clash with the unruly Native element should be avoided.

SITUATION QUIET.
MAIN GATE OF CONCESSION OPEN.

LONDON, January 6. Sir Philip Snowden, in an article in the 'London Weekly,' says he cannot envisage a plan by which the Dominions can be autonomous in the control of external matters. Since a common Empire policy is essential, he does not see how a substitute of the Imperial Conference can be permanently workable. If an Imperial Council is impossible, proper consultation is really the only working principle. SYDNEY, January 7. Although invited to do so by the Japanese Swimming Association, the Japanese swimmers refused to compete in the championship for a beaten boat. SHANGHAI, January 7. The situation at Hankow is quiet. The main gate between the Concession and the Chinese City remains open. The Chinese military police are guarding the Concession in conjunction with British naval and marine forces, who have been landed, and who are on the last terms with the Chinese guard. SHANGHAI, January 7. The Hankow Concession has been handed back, and the British again control their own affairs, who are operating with the assistance of Cantonese military police. Chiang Kai-shek is to issue a proclamation denouncing the action of extremists. SHANGHAI, January 7. The Chinese soldiers, with the exception of the military police, have been withdrawn from the British Concession at Hankow. SHANGHAI, January 7. Representatives of labourers, farmers, merchants, students, and soldiers met and formulated a series of five articles, which, if approved by the National Government, will be presented to the British Consul. LONDON, January 6. A Chinese seaman was fined £340, treble the value of the goods, in default three months' imprisonment, at the East Ham Police Court, for hiding some of the hot water pipes in the hold of the steamer Glengarry. 48 rifles and 1750 rounds of ammunition, smuggled from Hamburg, for Shanghai. LONDON, January 7. The British official attitude regarding Hankow is that a clash with the unruly Native element should be avoided.

HANDED BACK.
CONCESSION RESUMED.

LONDON, January 6. Sir Philip Snowden, in an article in the 'London Weekly,' says he cannot envisage a plan by which the Dominions can be autonomous in the control of external matters. Since a common Empire policy is essential, he does not see how a substitute of the Imperial Conference can be permanently workable. If an Imperial Council is impossible, proper consultation is really the only working principle. SYDNEY, January 7. Although invited to do so by the Japanese Swimming Association, the Japanese swimmers refused to compete in the championship for a beaten boat. SHANGHAI, January 7. The situation at Hankow is quiet. The main gate between the Concession and the Chinese City remains open. The Chinese military police are guarding the Concession in conjunction with British naval and marine forces, who have been landed, and who are on the last terms with the Chinese guard. SHANGHAI, January 7. The Hankow Concession has been handed back, and the British again control their own affairs, who are operating with the assistance of Cantonese military police. Chiang Kai-shek is to issue a proclamation denouncing the action of extremists. SHANGHAI, January 7. The Chinese soldiers, with the exception of the military police, have been withdrawn from the British Concession at Hankow. SHANGHAI, January 7. Representatives of labourers, farmers, merchants, students, and soldiers met and formulated a series of five articles, which, if approved by the National Government, will be presented to the British Consul. LONDON, January 6. A Chinese seaman was fined £340, treble the value of the goods, in default three months' imprisonment, at the East Ham Police Court, for hiding some of the hot water pipes in the hold of the steamer Glengarry. 48 rifles and 1750 rounds of ammunition, smuggled from Hamburg, for Shanghai. LONDON, January 7. The British official attitude regarding Hankow is that a clash with the unruly Native element should be avoided.

CHINESE TROOPS WITHDRAWN.

LONDON, January 6. Sir Philip Snowden, in an article in the 'London Weekly,' says he cannot envisage a plan by which the Dominions can be autonomous in the control of external matters. Since a common Empire policy is essential, he does not see how a substitute of the Imperial Conference can be permanently workable. If an Imperial Council is impossible, proper consultation is really the only working principle. SYDNEY, January 7. Although invited to do so by the Japanese Swimming Association, the Japanese swimmers refused to compete in the championship for a beaten boat. SHANGHAI, January 7. The situation at Hankow is quiet. The main gate between the Concession and the Chinese City remains open. The Chinese military police are guarding the Concession in conjunction with British naval and marine forces, who have been landed, and who are on the last terms with the Chinese guard. SHANGHAI, January 7. The Hankow Concession has been handed back, and the British again control their own affairs, who are operating with the assistance of Cantonese military police. Chiang Kai-shek is to issue a proclamation denouncing the action of extremists. SHANGHAI, January 7. The Chinese soldiers, with the exception of the military police, have been withdrawn from the British Concession at Hankow. SHANGHAI, January 7. Representatives of labourers, farmers, merchants, students, and soldiers met and formulated a series of five articles, which, if approved by the National Government, will be presented to the British Consul. LONDON, January 6. A Chinese seaman was fined £340, treble the value of the goods, in default three months' imprisonment, at the East Ham Police Court, for hiding some of the hot water pipes in the hold of the steamer Glengarry. 48 rifles and 1750 rounds of ammunition, smuggled from Hamburg, for Shanghai. LONDON, January 7. The British official attitude regarding Hankow is that a clash with the unruly Native element should be avoided.

FIVE ARTICLES.
ULTIMATUM TO BRITAIN.

LONDON, January 6. Sir Philip Snowden, in an article in the 'London Weekly,' says he cannot envisage a plan by which the Dominions can be autonomous in the control of external matters. Since a common Empire policy is essential, he does not see how a substitute of the Imperial Conference can be permanently workable. If an Imperial Council is impossible, proper consultation is really the only working principle. SYDNEY, January 7. Although invited to do so by the Japanese Swimming Association, the Japanese swimmers refused to compete in the championship for a beaten boat. SHANGHAI, January 7. The situation at Hankow is quiet. The main gate between the Concession and the Chinese City remains open. The Chinese military police are guarding the Concession in conjunction with British naval and marine forces, who have been landed, and who are on the last terms with the Chinese guard. SHANGHAI, January 7. The Hankow Concession has been handed back, and the British again control their own affairs, who are operating with the assistance of Cantonese military police. Chiang Kai-shek is to issue a proclamation denouncing the action of extremists. SHANGHAI, January 7. The Chinese soldiers, with the exception of the military police, have been withdrawn from the British Concession at Hankow. SHANGHAI, January 7. Representatives of labourers, farmers, merchants, students, and soldiers met and formulated a series of five articles, which, if approved by the National Government, will be presented to the British Consul. LONDON, January 6. A Chinese seaman was fined £340, treble the value of the goods, in default three months' imprisonment, at the East Ham Police Court, for hiding some of the hot water pipes in the hold of the steamer Glengarry. 48 rifles and 1750 rounds of ammunition, smuggled from Hamburg, for Shanghai. LONDON, January 7. The British official attitude regarding Hankow is that a clash with the unruly Native element should be avoided.

RIFLES FOR CHINA.

LONDON, January 6. Sir Philip Snowden, in an article in the 'London Weekly,' says he cannot envisage a plan by which the Dominions can be autonomous in the control of external matters. Since a common Empire policy is essential, he does not see how a substitute of the Imperial Conference can be permanently workable. If an Imperial Council is impossible, proper consultation is really the only working principle. SYDNEY, January 7. Although invited to do so by the Japanese Swimming Association, the Japanese swimmers refused to compete in the championship for a beaten boat. SHANGHAI, January 7. The situation at Hankow is quiet. The main gate between the Concession and the Chinese City remains open. The Chinese military police are guarding the Concession in conjunction with British naval and marine forces, who have been landed, and who are on the last terms with the Chinese guard. SHANGHAI, January 7. The Hankow Concession has been handed back, and the British again control their own affairs, who are operating with the assistance of Cantonese military police. Chiang Kai-shek is to issue a proclamation denouncing the action of extremists. SHANGHAI, January 7. The Chinese soldiers, with the exception of the military police, have been withdrawn from the British Concession at Hankow. SHANGHAI, January 7. Representatives of labourers, farmers, merchants, students, and soldiers met and formulated a series of five articles, which, if approved by the National Government, will be presented to the British Consul. LONDON, January 6. A Chinese seaman was fined £340, treble the value of the goods, in default three months' imprisonment, at the East Ham Police Court, for hiding some of the hot water pipes in the hold of the steamer Glengarry. 48 rifles and 1750 rounds of ammunition, smuggled from Hamburg, for Shanghai. LONDON, January 7. The British official attitude regarding Hankow is that a clash with the unruly Native element should be avoided.

OFFICIAL ATTITUDE.
WILL HE ACCEPT ?
BIG SALARY FOR PONSFORD
OFFER FROM ENGLAND.

SYDNEY, January 7. It is stated that Ponsford has been made a tempting offer to go to England to play cricket, the remuneration mentioned being £1350 sterling annually. Compared with his present salary as a bank clerk this is munificent. A movement is afoot, backed by an appeal in at least one paper, to the citizens of Victoria to do something to keep the young batting champion in Australia. LONDON, January 6. The Ponsford imbroglio is agitating cricketing circles in England. Sir Lindsay Parkinson denies that Ponsford was offered a salary of £1500 if he would play for the Blackpool Club in 1927 and adds that he has not received a reply to the terms. MELBOURNE, January 7. Beyond saying that he had received an offer from Sir Lindsay Parkinson, a wealthy Blackpool business man, to go there to a business position on the understanding that he would play cricket for Blackpool, Ponsford declined to throw any light on the reported offer. LONDON, January 7. Eight hundred masterpieces of Turkish painting gathered at Burlington House are insured for £3,000,000. Their auction value is at least £10,000,000. Famous Continental and American collectors loaned the treasures, necessitating a special band of watchmen in the galleries night and day. SYDNEY, January 7. In the High Court the Chief Justice referred the application by the newspapers for an interim injunction against Mr Lang's newspaper tax to a Full Court at Melbourne on February 21st. PARIS, January 7. M. Briand, whose secret departure from Paris evoked considerable speculation, is at Cannes. Representing a factory and selling direct to the public, compare our prices and our offer to give articles free if not the cheapest in Christchurch. Watch Repairs our speciality, wristlets, watches, tested, regulated, and guaranteed.

DENIAL MADE.
"AN UNDIGNIFIED SQUABBLE."

SYDNEY, January 7. It is stated that Ponsford has been made a tempting offer to go to England to play cricket, the remuneration mentioned being £1350 sterling annually. Compared with his present salary as a bank clerk this is munificent. A movement is afoot, backed by an appeal in at least one paper, to the citizens of Victoria to do something to keep the young batting champion in Australia. LONDON, January 6. The Ponsford imbroglio is agitating cricketing circles in England. Sir Lindsay Parkinson denies that Ponsford was offered a salary of £1500 if he would play for the Blackpool Club in 1927 and adds that he has not received a reply to the terms. MELBOURNE, January 7. Beyond saying that he had received an offer from Sir Lindsay Parkinson, a wealthy Blackpool business man, to go there to a business position on the understanding that he would play cricket for Blackpool, Ponsford declined to throw any light on the reported offer. LONDON, January 7. Eight hundred masterpieces of Turkish painting gathered at Burlington House are insured for £3,000,000. Their auction value is at least £10,000,000. Famous Continental and American collectors loaned the treasures, necessitating a special band of watchmen in the galleries night and day. SYDNEY, January 7. In the High Court the Chief Justice referred the application by the newspapers for an interim injunction against Mr Lang's newspaper tax to a Full Court at Melbourne on February 21st. PARIS, January 7. M. Briand, whose secret departure from Paris evoked considerable speculation, is at Cannes. Representing a factory and selling direct to the public, compare our prices and our offer to give articles free if not the cheapest in Christchurch. Watch Repairs our speciality, wristlets, watches, tested, regulated, and guaranteed.

PONSFORD RETICENT.

SYDNEY, January 7. It is stated that Ponsford has been made a tempting offer to go to England to play cricket, the remuneration mentioned being £1350 sterling annually. Compared with his present salary as a bank clerk this is munificent. A movement is afoot, backed by an appeal in at least one paper, to the citizens of Victoria to do something to keep the young batting champion in Australia. LONDON, January 6. The Ponsford imbroglio is agitating cricketing circles in England. Sir Lindsay Parkinson denies that Ponsford was offered a salary of £1500 if he would play for the Blackpool Club in 1927 and adds that he has not received a reply to the terms. MELBOURNE, January 7. Beyond saying that he had received an offer from Sir Lindsay Parkinson, a wealthy Blackpool business man, to go there to a business position on the understanding that he would play cricket for Blackpool, Ponsford declined to throw any light on the reported offer. LONDON, January 7. Eight hundred masterpieces of Turkish painting gathered at Burlington House are insured for £3,000,000. Their auction value is at least £10,000,000. Famous Continental and American collectors loaned the treasures, necessitating a special band of watchmen in the galleries night and day. SYDNEY, January 7. In the High Court the Chief Justice referred the application by the newspapers for an interim injunction against Mr Lang's newspaper tax to a Full Court at Melbourne on February 21st. PARIS, January 7. M. Briand, whose secret departure from Paris evoked considerable speculation, is at Cannes. Representing a factory and selling direct to the public, compare our prices and our offer to give articles free if not the cheapest in Christchurch. Watch Repairs our speciality, wristlets, watches, tested, regulated, and guaranteed.

ART MASTERPIECES.
A WONDERFUL COLLECTION.

SYDNEY, January 7. It is stated that Ponsford has been made a tempting offer to go to England to play cricket, the remuneration mentioned being £1350 sterling annually. Compared with his present salary as a bank clerk this is munificent. A movement is afoot, backed by an appeal in at least one paper, to the citizens of Victoria to do something to keep the young batting champion in Australia. LONDON, January 6. The Ponsford imbroglio is agitating cricketing circles in England. Sir Lindsay Parkinson denies that Ponsford was offered a salary of £1500 if he would play for the Blackpool Club in 1927 and adds that he has not received a reply to the terms. MELBOURNE, January 7. Beyond saying that he had received an offer from Sir Lindsay Parkinson, a wealthy Blackpool business man, to go there to a business position on the understanding that he would play cricket for Blackpool, Ponsford declined to throw any light on the reported offer. LONDON, January 7. Eight hundred masterpieces of Turkish painting gathered at Burlington House are insured for £3,000,000. Their auction value is at least £10,000,000. Famous Continental and American collectors loaned the treasures, necessitating a special band of watchmen in the galleries night and day. SYDNEY, January 7. In the High Court the Chief Justice referred the application by the newspapers for an interim injunction against Mr Lang's newspaper tax to a Full Court at Melbourne on February 21st. PARIS, January 7. M. Briand, whose secret departure from Paris evoked considerable speculation, is at Cannes. Representing a factory and selling direct to the public, compare our prices and our offer to give articles free if not the cheapest in Christchurch. Watch Repairs our speciality, wristlets, watches, tested, regulated, and guaranteed.

NEWSPAPER TAX.
APPLICATION FOR INTERIM INJUNCTION.

SYDNEY, January 7. It is stated that Ponsford has been made a tempting offer to go to England to play cricket, the remuneration mentioned being £1350 sterling annually. Compared with his present salary as a bank clerk this is munificent. A movement is afoot, backed by an appeal in at least one paper, to the citizens of Victoria to do something to keep the young batting champion in Australia. LONDON, January 6. The Ponsford imbroglio is agitating cricketing circles in England. Sir Lindsay Parkinson denies that Ponsford was offered a salary of £1500 if he would play for the Blackpool Club in 1927 and adds that he has not received a reply to the terms. MELBOURNE, January 7. Beyond saying that he had received an offer from Sir Lindsay Parkinson, a wealthy Blackpool business man, to go there to a business position on the understanding that he would play cricket for Blackpool, Ponsford declined to throw any light on the reported offer. LONDON, January 7. Eight hundred masterpieces of Turkish painting gathered at Burlington House are insured for £3,000,000. Their auction value is at least £10,000,000. Famous Continental and American collectors loaned the treasures, necessitating a special band of watchmen in the galleries night and day. SYDNEY, January 7. In the High Court the Chief Justice referred the application by the newspapers for an interim injunction against Mr Lang's newspaper tax to a Full Court at Melbourne on February 21st. PARIS, January 7. M. Briand, whose secret departure from Paris evoked considerable speculation, is at Cannes. Representing a factory and selling direct to the public, compare our prices and our offer to give articles free if not the cheapest in Christchurch. Watch Repairs our speciality, wristlets, watches, tested, regulated, and guaranteed.

M. BRIAND.
LOCATED AT CANNES.

SYDNEY, January 7. It is stated that Ponsford has been made a tempting offer to go to England to play cricket, the remuneration mentioned being £1350 sterling annually. Compared with his present salary as a bank clerk this is munificent. A movement is afoot, backed by an appeal in at least one paper, to the citizens of Victoria to do something to keep the young batting champion in Australia. LONDON, January 6. The Ponsford imbroglio is agitating cricketing circles in England. Sir Lindsay Parkinson denies that Ponsford was offered a salary of £1500 if he would play for the Blackpool Club in 1927 and adds that he has not received a reply to the terms. MELBOURNE, January 7. Beyond saying that he had received an offer from Sir Lindsay Parkinson, a wealthy Blackpool business man, to go there to a business position on the understanding that he would play cricket for Blackpool, Ponsford declined to throw any light on the reported offer. LONDON, January 7. Eight hundred masterpieces of Turkish painting gathered at Burlington House are insured for £3,000,000. Their auction value is at least £10,000,000. Famous Continental and American collectors loaned the treasures, necessitating a special band of watchmen in the galleries night and day. SYDNEY, January 7. In the High Court the Chief Justice referred the application by the newspapers for an interim injunction against Mr Lang's newspaper tax to a Full Court at Melbourne on February 21st. PARIS, January 7. M. Briand, whose secret departure from Paris evoked considerable speculation, is at Cannes. Representing a factory and selling direct to the public, compare our prices and our offer to give articles free if not the cheapest in Christchurch. Watch Repairs our speciality, wristlets, watches, tested, regulated, and guaranteed.

DIAMOND ENGAGEMENT RINGS AT WHOLESALE PRICES.

SYDNEY, January 7. It is stated that Ponsford has been made a tempting offer to go to England to play cricket, the remuneration mentioned being £1350 sterling annually. Compared with his present salary as a bank clerk this is munificent. A movement is afoot, backed by an appeal in at least one paper, to the citizens of Victoria to do something to keep the young batting champion in Australia. LONDON, January 6. The Ponsford imbroglio is agitating cricketing circles in England. Sir Lindsay Parkinson denies that Ponsford was offered a salary of £1500 if he would play for the Blackpool Club in 1927 and adds that he has not received a reply to the terms. MELBOURNE, January 7. Beyond saying that he had received an offer from Sir Lindsay Parkinson, a wealthy Blackpool business man, to go there to a business position on the understanding that he would play cricket for Blackpool, Ponsford declined to throw any light on the reported offer. LONDON, January 7. Eight hundred masterpieces of Turkish painting gathered at Burlington House are insured for £3,000,000. Their auction value is at least £10,000,000. Famous Continental and American collectors loaned the treasures, necessitating a special band of watchmen in the galleries night and day. SYDNEY, January 7. In the High Court the Chief Justice referred the application by the newspapers for an interim injunction against Mr Lang's newspaper tax to a Full Court at Melbourne on February 21st. PARIS, January 7. M. Briand, whose secret departure from Paris evoked considerable speculation, is at Cannes. Representing a factory and selling direct to the public, compare our prices and our offer to give articles free if not the cheapest in Christchurch. Watch Repairs our speciality, wristlets, watches, tested, regulated, and guaranteed.

JONES AND SONS,
DOUBLE TRAGEDY.
MOTHER AND SON POISONED.
RESULT OF WORRY.

SYDNEY, January 7. At the inquest on the Palings, evidence was given that Dr. Paling had been worrying for some time over the condition of his mother who, he believed, was an invalid, and that his unsound mind. He poisoned his mother and then killed himself with the same poison. SYDNEY, January 7th. All the States were represented at a meeting of the Australian Board of Control, with the exception of Queensland, to consider a number of important decisions. The Board decided, without a vote, to reject Sir Sydney Smith as secretary. BERLIN, January 6. The influenza epidemic has developed with extraordinary suddenness. The Health Commissioner announced that there was no sign of the epidemic, but the authorities are taking precautions. OTTAWA, January 7. According to a statement made by Mr Stanley Bruce at Toronto, the public ownership methods of Ontario in the development of power will be applied to Australian problems of a similar nature upon his return home. SYDNEY, January 7. Sydney was to-day over-run by American millionaires and tourists, three hundred arriving by the Carinthia on a flying visit, being part of the world tour the ship is making.

AUSTRALIAN CRICKET.
BOARD OF CONTROL.

SYDNEY, January 7. At the inquest on the Palings, evidence was given that Dr. Paling had been worrying for some time over the condition of his mother who, he believed, was an invalid, and that his unsound mind. He poisoned his mother and then killed himself with the same poison. SYDNEY, January 7th. All the States were represented at a meeting of the Australian Board of Control, with the exception of Queensland, to consider a number of important decisions. The Board decided, without a vote, to reject Sir Sydney Smith as secretary. BERLIN, January 6. The influenza epidemic has developed with extraordinary suddenness. The Health Commissioner announced that there was no sign of the epidemic, but the authorities are taking precautions. OTTAWA, January 7. According to a statement made by Mr Stanley Bruce at Toronto, the public ownership methods of Ontario in the development of power will be applied to Australian problems of a similar nature upon his return home. SYDNEY, January 7. Sydney was to-day over-run by American millionaires and tourists, three hundred arriving by the Carinthia on a flying visit, being part of the world tour the ship is making.

INFLUENZA EPIDEMIC.
SUDDEN DEVELOPMENT.

SYDNEY, January 7. At the inquest on the Palings, evidence was given that Dr. Paling had been worrying for some time over the condition of his mother who, he believed, was an invalid, and that his unsound mind. He poisoned his mother and then killed himself with the same poison. SYDNEY, January 7th. All the States were represented at a meeting of the Australian Board of Control, with the exception of Queensland, to consider a number of important decisions. The Board decided, without a vote, to reject Sir Sydney Smith as secretary. BERLIN, January 6. The influenza epidemic has developed with extraordinary suddenness. The Health Commissioner announced that there was no sign of the epidemic, but the authorities are taking precautions. OTTAWA, January 7. According to a statement made by Mr Stanley Bruce at Toronto, the public ownership methods of Ontario in the development of power will be applied to Australian problems of a similar nature upon his return home. SYDNEY, January 7. Sydney was to-day over-run by American millionaires and tourists, three hundred arriving by the Carinthia on a flying visit, being part of the world tour the ship is making.

COPYING ONTARIO.
AUSTRALIA'S HYDRO-ELECTRIC POWER.

SYDNEY, January 7. At the inquest on the Palings, evidence was given that Dr. Paling had been worrying for some time over the condition of his mother who, he believed, was an invalid, and that his unsound mind. He poisoned his mother and then killed himself with the same poison. SYDNEY, January 7th. All the States were represented at a meeting of the Australian Board of Control, with the exception of Queensland, to consider a number of important decisions. The Board decided, without a vote, to reject Sir Sydney Smith as secretary. BERLIN, January 6. The influenza epidemic has developed with extraordinary suddenness. The Health Commissioner announced that there was no sign of the epidemic, but the authorities are taking precautions. OTTAWA, January 7. According to a statement made by Mr Stanley Bruce at Toronto, the public ownership methods of Ontario in the development of power will be applied to Australian problems of a similar nature upon his return home. SYDNEY, January 7. Sydney was to-day over-run by American millionaires and tourists, three hundred arriving by the Carinthia on a flying visit, being part of the world tour the ship is making.

CARINTHIA'S TOURISTS.

SYDNEY, January 7. At the inquest on the Palings, evidence was given that Dr. Paling had been worrying for some time over the condition of his mother who, he believed, was an invalid, and that his unsound mind. He poisoned his mother and then killed himself with the same poison. SYDNEY, January 7th. All the States were represented at a meeting of the Australian Board of Control, with the exception of Queensland, to consider a number of important decisions. The Board decided, without a vote, to reject Sir Sydney Smith as secretary. BERLIN, January 6. The influenza epidemic has developed with extraordinary suddenness. The Health Commissioner announced that there was no sign of the epidemic, but the authorities are taking precautions. OTTAWA, January 7. According to a statement made by Mr Stanley Bruce at Toronto, the public ownership methods of Ontario in the development of power will be applied to Australian problems of a similar nature upon his return home. SYDNEY, January 7. Sydney was to-day over-run by American millionaires and tourists, three hundred arriving by the Carinthia on a flying visit, being part of the world tour the ship is making.

OUTBOARD MOTORS. MAKE ANY BOAT A LAUNCH. SEE THE JOHNSON TWIN AT TISDALLS.
THEY WON'T RUST. Guaranteed Stainless Knives at ten per cent. dearer than ordinary. Tisdalls, Ltd., 76-5 Colombo street, and at Sydenham.
Have you anything to sell? Do you wish to buy? If so, advertise in the classified section of The Press.
